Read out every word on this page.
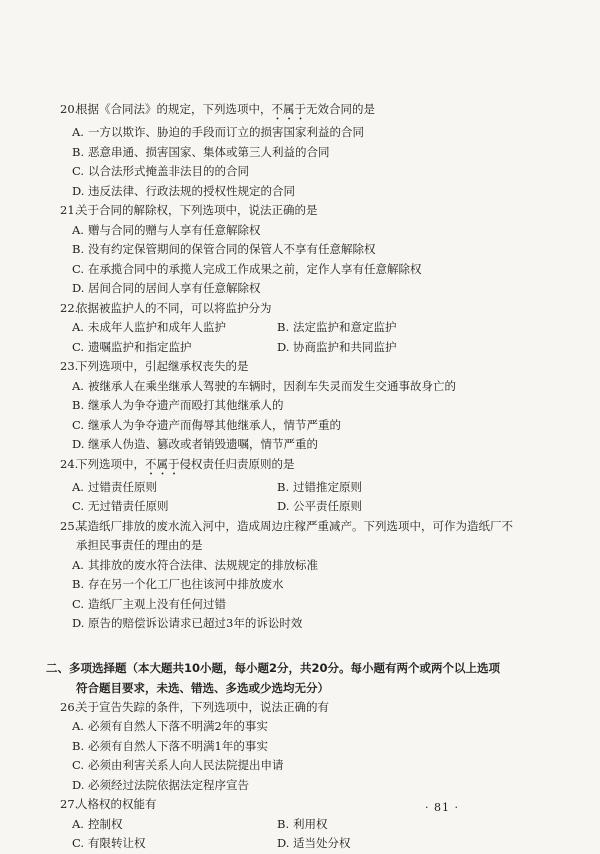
20.根据《合同法》的规定，下列选项中，不属于无效合同的是

A. 一方以欺诈、胁迫的手段而订立的损害国家利益的合同

B. 恶意串通、损害国家、集体或第三人利益的合同

C. 以合法形式掩盖非法目的的合同

D. 违反法律、行政法规的授权性规定的合同

21.关于合同的解除权，下列选项中，说法正确的是

A. 赠与合同的赠与人享有任意解除权

B. 没有约定保管期间的保管合同的保管人不享有任意解除权

C. 在承揽合同中的承揽人完成工作成果之前，定作人享有任意解除权

D. 居间合同的居间人享有任意解除权

22.依据被监护人的不同，可以将监护分为

A. 未成年人监护和成年人监护	B. 法定监护和意定监护
C. 遗嘱监护和指定监护	D. 协商监护和共同监护

23.下列选项中，引起继承权丧失的是

A. 被继承人在乘坐继承人驾驶的车辆时，因刹车失灵而发生交通事故身亡的

B. 继承人为争夺遗产而殴打其他继承人的

C. 继承人为争夺遗产而侮辱其他继承人，情节严重的

D. 继承人伪造、篡改或者销毁遗嘱，情节严重的

24.下列选项中，不属于侵权责任归责原则的是

A. 过错责任原则	B. 过错推定原则
C. 无过错责任原则	D. 公平责任原则

25.某造纸厂排放的废水流入河中，造成周边庄稼严重减产。下列选项中，可作为造纸厂不

承担民事责任的理由的是

A. 其排放的废水符合法律、法规规定的排放标准

B. 存在另一个化工厂也往该河中排放废水

C. 造纸厂主观上没有任何过错

D. 原告的赔偿诉讼请求已超过3年的诉讼时效

二、多项选择题（本大题共10小题，每小题2分，共20分。每小题有两个或两个以上选项
符合题目要求，未选、错选、多选或少选均无分）

26.关于宣告失踪的条件，下列选项中，说法正确的有

A. 必须有自然人下落不明满2年的事实

B. 必须有自然人下落不明满1年的事实

C. 必须由利害关系人向人民法院提出申请

D. 必须经过法院依据法定程序宣告

27.人格权的权能有

A. 控制权	B. 利用权
C. 有限转让权	D. 适当处分权
· 81 ·
